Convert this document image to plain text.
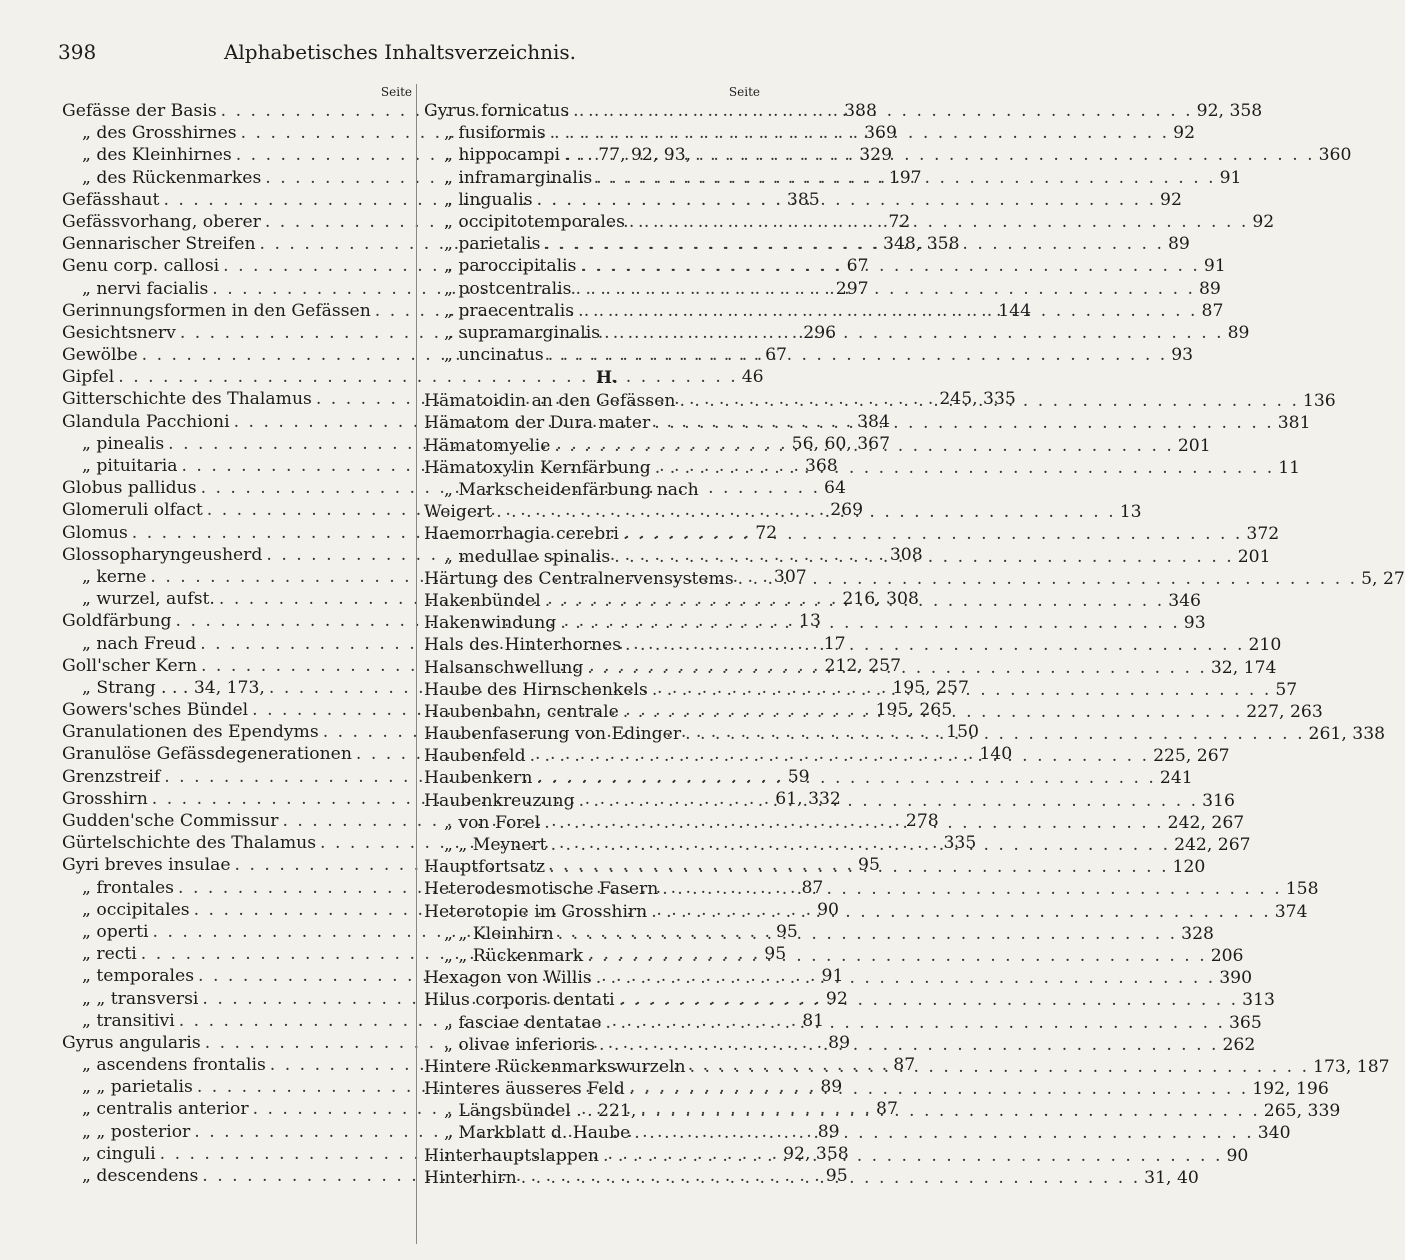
398	Alphabetisches Inhaltsverzeichnis.
Seite
Gefässe der Basis . . .	388
„ des Grosshirnes . . .	369
„ des Kleinhirnes . . .	329
„ des Rückenmarkes . . .	197
Gefässhaut . . .	385
Gefässvorhang, oberer . . .	72
Gennarischer Streifen . . .	348, 358
Genu corp. callosi . . .	67
„ nervi facialis . . .	297
Gerinnungsformen in den Gefässen . . .	144
Gesichtsnerv . . .	296
Gewölbe . . .	67
Gipfel . . .	46
Gitterschichte des Thalamus . . .	245, 335
Glandula Pacchioni . . .	384
„ pinealis . . .	56, 60, 367
„ pituitaria . . .	368
Globus pallidus . . .	64
Glomeruli olfact . . .	269
Glomus . . .	72
Glossopharyngeusherd . . .	308
„ kerne . . .	307
„ wurzel, aufst. . . .	216, 308
Goldfärbung . . .	13
„ nach Freud . . .	17
Goll'scher Kern . . .	212, 257
„ Strang . . . 34, 173, . . .	195, 257
Gowers'sches Bündel . . .	195, 265
Granulationen des Ependyms . . .	150
Granulöse Gefässdegenerationen . . .	140
Grenzstreif . . .	59
Grosshirn . . .	61, 332
Gudden'sche Commissur . . .	278
Gürtelschichte des Thalamus . . .	335
Gyri breves insulae . . .	95
„ frontales . . .	87
„ occipitales . . .	90
„ operti . . .	95
„ recti . . .	95
„ temporales . . .	91
„ „ transversi . . .	92
„ transitivi . . .	81
Gyrus angularis . . .	89
„ ascendens frontalis . . .	87
„ „ parietalis . . .	89
„ centralis anterior . . .	87
„ „ posterior . . .	89
„ cinguli . . .	92, 358
„ descendens . . .	95
Seite
Gyrus fornicatus . . .	92, 358
„ fusiformis . . .	92
„ hippocampi . . . 77, 92, 93, . . .	360
„ inframarginalis . . .	91
„ lingualis . . .	92
„ occipitotemporales . . .	92
„ parietalis . . .	89
„ paroccipitalis . . .	91
„ postcentralis . . .	89
„ praecentralis . . .	87
„ supramarginalis . . .	89
„ uncinatus . . .	93
H.
Hämatoidin an den Gefässen . . .	136
Hämatom der Dura mater . . .	381
Hämatomyelie . . .	201
Hämatoxylin Kernfärbung . . .	11
„ Markscheidenfärbung nach
Weigert . . .	13
Haemorrhagia cerebri . . .	372
„ medullae spinalis . . .	201
Härtung des Centralnervensystems . . .	5, 27
Hakenbündel . . .	346
Hakenwindung . . .	93
Hals des Hinterhornes . . .	210
Halsanschwellung . . .	32, 174
Haube des Hirnschenkels . . .	57
Haubenbahn, centrale . . .	227, 263
Haubenfaserung von Edinger . . .	261, 338
Haubenfeld . . .	225, 267
Haubenkern . . .	241
Haubenkreuzung . . .	316
„ von Forel . . .	242, 267
„ „ Meynert . . .	242, 267
Hauptfortsatz . . .	120
Heterodesmotische Fasern . . .	158
Heterotopie im Grosshirn . . .	374
„ „ Kleinhirn . . .	328
„ „ Rückenmark . . .	206
Hexagon von Willis . . .	390
Hilus corporis dentati . . .	313
„ fasciae dentatae . . .	365
„ olivae inferioris . . .	262
Hintere Rückenmarkswurzeln . . .	173, 187
Hinteres äusseres Feld . . .	192, 196
„ Längsbündel . . 221, . . .	265, 339
„ Markblatt d. Haube . . .	340
Hinterhauptslappen . . .	90
Hinterhirn . . .	31, 40
